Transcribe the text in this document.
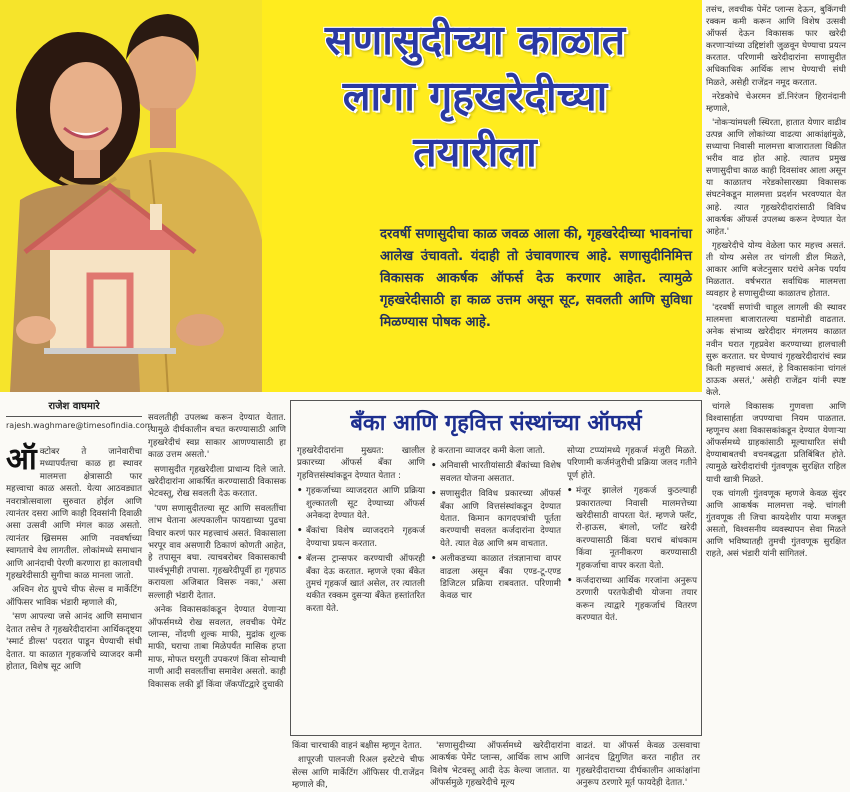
सणासुदीच्या काळात
लागा गृहखरेदीच्या
तयारीला
दरवर्षी सणासुदीचा काळ जवळ आला की, गृहखरेदीच्या भावनांचा आलेख उंचावतो. यंदाही तो उंचावणारच आहे. सणासुदीनिमित्त विकासक आकर्षक ऑफर्स देऊ करणार आहेत. त्यामुळे गृहखरेदीसाठी हा काळ उत्तम असून सूट, सवलती आणि सुविधा मिळण्यास पोषक आहे.

तसंच, लवचीक पेमेंट प्लान्स देऊन, बुकिंगची रक्कम कमी करून आणि विशेष उत्सवी ऑफर्स देऊन विकासक फार खरेदी करणाऱ्यांच्या उद्दिष्टांशी जुळवून घेण्याचा प्रयत्न करतात. परिणामी खरेदीदारांना सणासुदीत अधिकाधिक आर्थिक लाभ घेण्याची संधी मिळते, असेही राजेंद्रन नमूद करतात.

नरेडकोचे चेअरमन डॉ.निरंजन हिरानंदानी म्हणाले,

'नोकऱ्यांमधली स्थिरता, हातात येणार वाढीव उत्पन्न आणि लोकांच्या वाढत्या आकांक्षांमुळे, सध्याचा निवासी मालमत्ता बाजारातला विक्रीत भरीव वाढ होत आहे. त्यातच प्रमुख सणासुदीचा काळ काही दिवसांवर आला असून या काळातच नरेडकोसारख्या विकासक संघटनेकडून मालमत्ता प्रदर्शन भरवण्यात येत आहे. त्यात गृहखरेदीदारांसाठी विविध आकर्षक ऑफर्स उपलब्ध करून देण्यात येत आहेत.'

गृहखरेदीचे योग्य वेळेला फार महत्त्व असतं. ती योग्य असेल तर चांगली डील मिळते, आकार आणि बजेटनुसार घरांचे अनेक पर्याय मिळतात. वर्षभरात सर्वाधिक मालमत्ता व्यवहार हे सणासुदीच्या काळातच होतात.

'दरवर्षी सणांची चाहूल लागली की स्थावर मालमत्ता बाजारातल्या घडामोडी वाढतात. अनेक संभाव्य खरेदीदार मंगलमय काळात नवीन घरात गृहप्रवेश करण्याच्या हालचाली सुरू करतात. घर घेण्याचं गृहखरेदीदारांचं स्वप्न किती महत्त्वाचं असतं, हे विकासकांना चांगलं ठाऊक असतं,' असेही राजेंद्रन यांनी स्पष्ट केले.

चांगले विकासक गुणवत्ता आणि विश्वासार्हता जपण्याचा नियम पाळतात. म्हणूनच अशा विकासकांकडून देण्यात येणाऱ्या ऑफर्समध्ये ग्राहकांसाठी मूल्याधारित संधी देण्याबाबतची वचनबद्धता प्रतिबिंबित होते. त्यामुळे खरेदीदारांची गुंतवणूक सुरक्षित राहिल याची खात्री मिळते.

एक चांगली गुंतवणूक म्हणजे केवळ सुंदर आणि आकर्षक मालमत्ता नव्हे. चांगली गुंतवणूक ती जिचा कायदेशीर पाया मजबूत असतो, विश्वसनीय व्यवस्थापन सेवा मिळते आणि भविष्यातही तुमची गुंतवणूक सुरक्षित राहते, असं भंडारी यांनी सांगितलं.

राजेश वाघमारे
rajesh.waghmare@timesofindia.com

ऑक्टोबर ते जानेवारीचा मध्यापर्यंतचा काळ हा स्थावर मालमत्ता क्षेत्रासाठी फार महत्त्वाचा काळ असतो. येत्या आठवड्यात नवरात्रोत्सवाला सुरुवात होईल आणि त्यानंतर दसरा आणि काही दिवसांनी दिवाळी असा उत्सवी आणि मंगल काळ असतो. त्यानंतर ख्रिसमस आणि नववर्षाच्या स्वागताचे वेध लागतील. लोकांमध्ये समाधान आणि आनंदाची पेरणी करणारा हा कालावधी गृहखरेदीसाठी सुगीचा काळ मानला जातो.

अश्विन शेठ ग्रुपचे चीफ सेल्स व मार्केटिंग ऑफिसर भाविक भंडारी म्हणाले की,

'सण आपल्या जसे आनंद आणि समाधान देतात तसेच ते गृहखरेदीदारांना आर्थिकदृष्ट्या 'स्मार्ट डील्स' पदरात पाडून घेण्याची संधी देतात. या काळात गृहकर्जाचे व्याजदर कमी होतात, विशेष सूट आणि

सवलतीही उपलब्ध करून देण्यात येतात. त्यामुळे दीर्घकालीन बचत करण्यासाठी आणि गृहखरेदीचं स्वप्न साकार आणण्यासाठी हा काळ उत्तम असतो.'

सणासुदीत गृहखरेदीला प्राधान्य दिले जाते. खरेदीदारांना आकर्षित करण्यासाठी विकासक भेटवस्तू, रोख सवलती देऊ करतात.

'पण सणासुदीतल्या सूट आणि सवलतींचा लाभ घेताना अल्पकालीन फायद्याच्या पुढचा विचार करणं फार महत्त्वाचं असतं. विकासाला भरपूर वाव असणारी ठिकाणं कोणती आहेत, हे तपासून बघा. त्याचबरोबर विकासकाची पार्श्वभूमीही तपासा. गृहखरेदीपूर्वी हा गृहपाठ करायला अजिबात विसरू नका,' असा सल्लाही भंडारी देतात.

अनेक विकासकांकडून देण्यात येणाऱ्या ऑफर्समध्ये रोख सवलत, लवचीक पेमेंट प्लान्स, नोंदणी शुल्क माफी, मुद्रांक शुल्क माफी, घराचा ताबा मिळेपर्यंत मासिक हप्ता माफ, मोफत घरगुती उपकरणं किंवा सोन्याची नाणी आदी सवलतींचा समावेश असतो. काही विकासक लकी ड्रॉ किंवा जॅकपॉटद्वारे दुचाकी

बँका आणि गृहवित्त संस्थांच्या ऑफर्स

गृहखरेदीदारांना मुख्यत: खालील प्रकारच्या ऑफर्स बँका आणि गृहवित्तसंस्थांकडून देण्यात येतात :

• गृहकर्जाच्या व्याजदरात आणि प्रक्रिया शुल्कातली सूट देण्याच्या ऑफर्स अनेकदा देण्यात येते.
• बँकांचा विशेष व्याजदराने गृहकर्ज देण्याचा प्रयत्न करतात.
• बॅलन्स ट्रान्सफर करण्याची ऑफरही बँका देऊ करतात. म्हणजे एका बँकेत तुमचं गृहकर्ज खातं असेल, तर त्यातली थकीत रक्कम दुसऱ्या बँकेत हस्तांतरित करता येते.

हे करताना व्याजदर कमी केला जातो.

• अनिवासी भारतीयांसाठी बँकांच्या विशेष सवलत योजना असतात.
• सणासुदीत विविध प्रकारच्या ऑफर्स बँका आणि वित्तसंस्थांकडून देण्यात येतात. किमान कागदपत्रांची पूर्तता करण्याची सवलत कर्जदारांना देण्यात येते. त्यात वेळ आणि श्रम वाचतात.
• अलीकडच्या काळात तंत्रज्ञानाचा वापर वाढला असून बँका एण्ड-टू-एण्ड डिजिटल प्रक्रिया राबवतात. परिणामी केवळ चार

सोप्या टप्प्यांमध्ये गृहकर्ज मंजुरी मिळते. परिणामी कर्जमंजुरीची प्रक्रिया जलद गतीने पूर्ण होते.

• मंजूर झालेलं गृहकर्ज कुठल्याही प्रकारातल्या निवासी मालमत्तेच्या खरेदीसाठी वापरता येतं. म्हणजे फ्लॅट, रो-हाऊस, बंगलो, प्लॉट खरेदी करण्यासाठी किंवा घराचं बांधकाम किंवा नूतनीकरण करण्यासाठी गृहकर्जाचा वापर करता येतो.
• कर्जदाराच्या आर्थिक गरजांना अनुरूप ठरणारी परतफेडीची योजना तयार करून त्याद्वारे गृहकर्जाचं वितरण करण्यात येतं.

किंवा चारचाकी वाहनं बक्षीस म्हणून देतात.

शापूरजी पालनजी रिअल इस्टेटचे चीफ सेल्स आणि मार्केटिंग ऑफिसर पी.राजेंद्रन म्हणाले की,

'सणासुदीच्या ऑफर्समध्ये खरेदीदारांना आकर्षक पेमेंट प्लान्स, आर्थिक लाभ आणि विशेष भेटवस्तू आदी देऊ केल्या जातात. या ऑफर्समुळे गृहखरेदीचे मूल्य

वाढतं. या ऑफर्स केवळ उत्सवाचा आनंदच द्विगुणित करत नाहीत तर गृहखरेदीदाराच्या दीर्घकालीन आकांक्षांना अनुरूप ठरणारे मूर्त फायदेही देतात.'
